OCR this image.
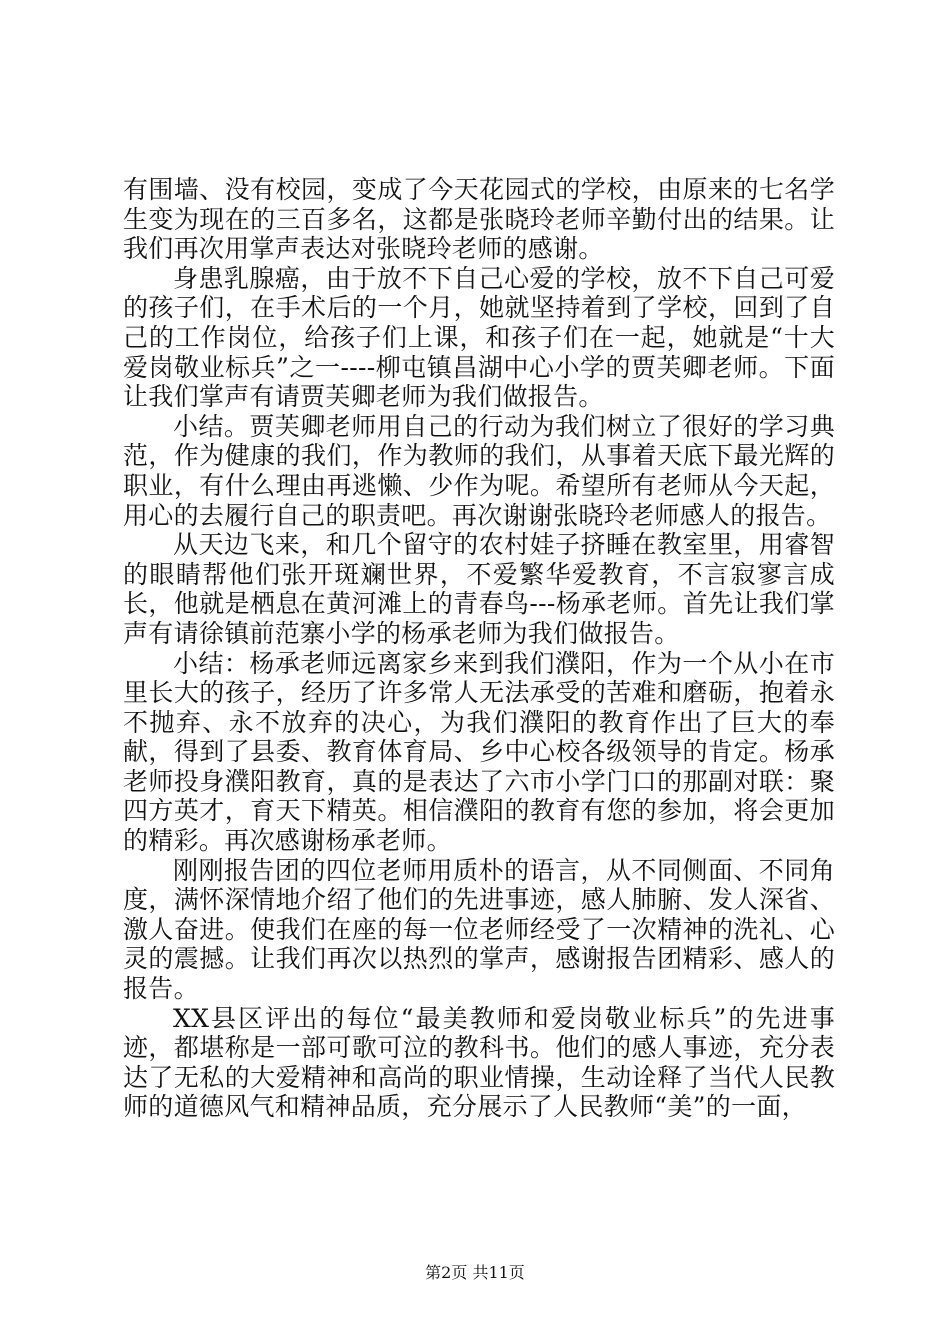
有围墙、没有校园，变成了今天花园式的学校，由原来的七名学生变为现在的三百多名，这都是张晓玲老师辛勤付出的结果。让我们再次用掌声表达对张晓玲老师的感谢。

身患乳腺癌，由于放不下自己心爱的学校，放不下自己可爱的孩子们，在手术后的一个月，她就坚持着到了学校，回到了自己的工作岗位，给孩子们上课，和孩子们在一起，她就是“十大爱岗敬业标兵”之一----柳屯镇昌湖中心小学的贾芙卿老师。下面让我们掌声有请贾芙卿老师为我们做报告。

小结。贾芙卿老师用自己的行动为我们树立了很好的学习典范，作为健康的我们，作为教师的我们，从事着天底下最光辉的职业，有什么理由再逃懒、少作为呢。希望所有老师从今天起，用心的去履行自己的职责吧。再次谢谢张晓玲老师感人的报告。

从天边飞来，和几个留守的农村娃子挤睡在教室里，用睿智的眼睛帮他们张开斑斓世界，不爱繁华爱教育，不言寂寥言成长，他就是栖息在黄河滩上的青春鸟---杨承老师。首先让我们掌声有请徐镇前范寨小学的杨承老师为我们做报告。

小结：杨承老师远离家乡来到我们濮阳，作为一个从小在市里长大的孩子，经历了许多常人无法承受的苦难和磨砺，抱着永不抛弃、永不放弃的决心，为我们濮阳的教育作出了巨大的奉献，得到了县委、教育体育局、乡中心校各级领导的肯定。杨承老师投身濮阳教育，真的是表达了六市小学门口的那副对联：聚四方英才，育天下精英。相信濮阳的教育有您的参加，将会更加的精彩。再次感谢杨承老师。

刚刚报告团的四位老师用质朴的语言，从不同侧面、不同角度，满怀深情地介绍了他们的先进事迹，感人肺腑、发人深省、激人奋进。使我们在座的每一位老师经受了一次精神的洗礼、心灵的震撼。让我们再次以热烈的掌声，感谢报告团精彩、感人的报告。

XX县区评出的每位“最美教师和爱岗敬业标兵”的先进事迹，都堪称是一部可歌可泣的教科书。他们的感人事迹，充分表达了无私的大爱精神和高尚的职业情操，生动诠释了当代人民教师的道德风气和精神品质，充分展示了人民教师“美”的一面，

第2页 共11页
